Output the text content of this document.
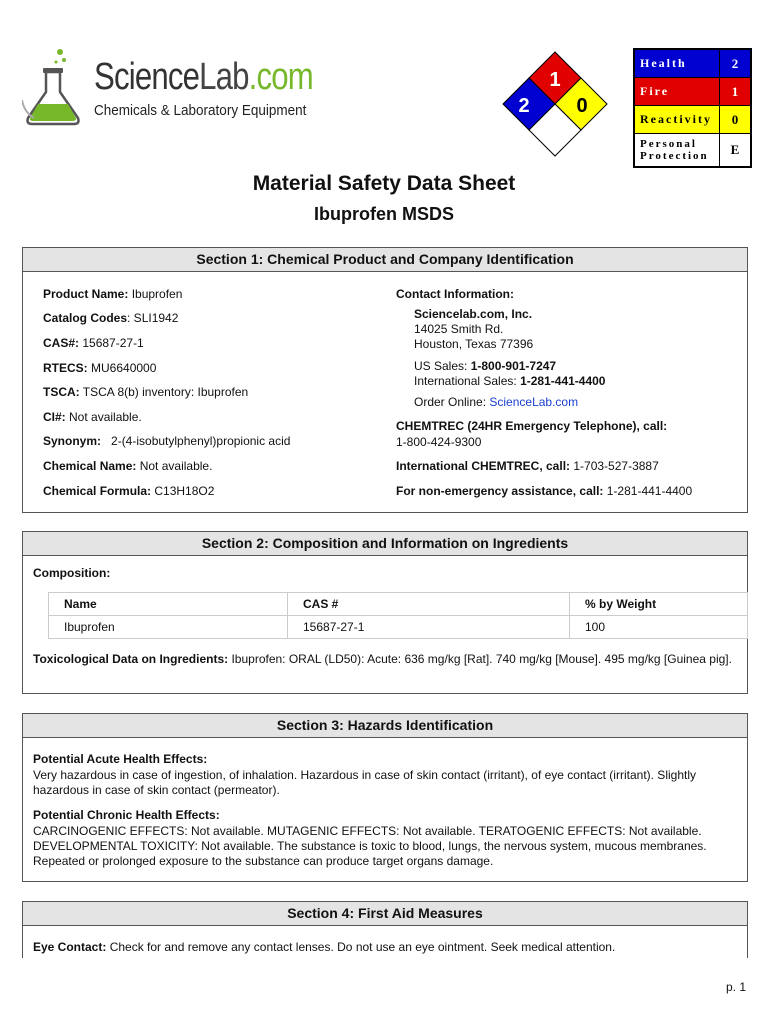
ScienceLab.com
Chemicals & Laboratory Equipment
1
2 0
Health	2
Fire	1
Reactivity	0
Personal Protection	E
Material Safety Data Sheet
Ibuprofen MSDS
Section 1: Chemical Product and Company Identification
Product Name: Ibuprofen
Catalog Codes: SLI1942
CAS#: 15687-27-1
RTECS: MU6640000
TSCA: TSCA 8(b) inventory: Ibuprofen
CI#: Not available.
Synonym:   2-(4-isobutylphenyl)propionic acid
Chemical Name: Not available.
Chemical Formula: C13H18O2
Contact Information:
Sciencelab.com, Inc.
14025 Smith Rd.
Houston, Texas 77396
US Sales: 1-800-901-7247
International Sales: 1-281-441-4400
Order Online: ScienceLab.com
CHEMTREC (24HR Emergency Telephone), call:
1-800-424-9300
International CHEMTREC, call: 1-703-527-3887
For non-emergency assistance, call: 1-281-441-4400
Section 2: Composition and Information on Ingredients
Composition:
Name	CAS #	% by Weight
Ibuprofen	15687-27-1	100
Toxicological Data on Ingredients: Ibuprofen: ORAL (LD50): Acute: 636 mg/kg [Rat]. 740 mg/kg [Mouse]. 495 mg/kg [Guinea pig].
Section 3: Hazards Identification
Potential Acute Health Effects:
Very hazardous in case of ingestion, of inhalation. Hazardous in case of skin contact (irritant), of eye contact (irritant). Slightly hazardous in case of skin contact (permeator).
Potential Chronic Health Effects:
CARCINOGENIC EFFECTS: Not available. MUTAGENIC EFFECTS: Not available. TERATOGENIC EFFECTS: Not available. DEVELOPMENTAL TOXICITY: Not available. The substance is toxic to blood, lungs, the nervous system, mucous membranes. Repeated or prolonged exposure to the substance can produce target organs damage.
Section 4: First Aid Measures
Eye Contact: Check for and remove any contact lenses. Do not use an eye ointment. Seek medical attention.
p. 1
